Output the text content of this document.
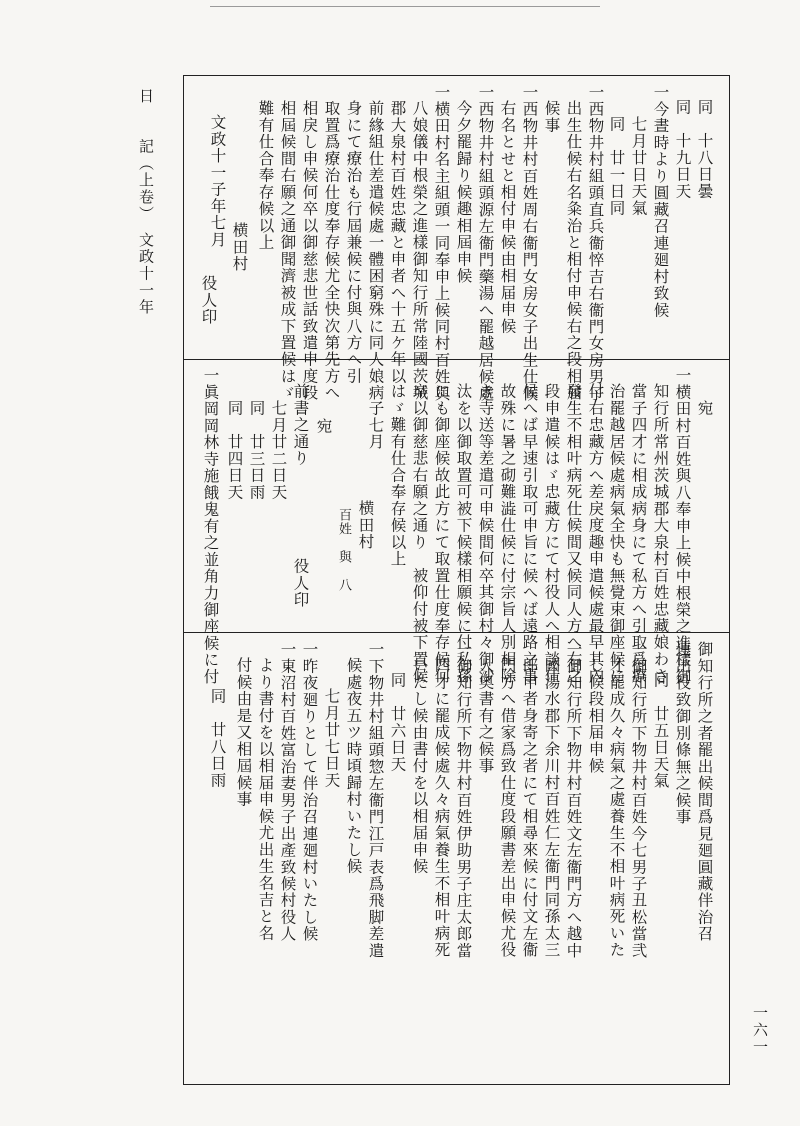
日　　記（上卷）　文政十一年
一六一
同　十八日曇
同　十九日天
一今晝時より圓藏召連廻村致候
七月廿日天氣
同　廿一日同
一西物井村組頭直兵衞悴吉右衞門女房男子
出生仕候右名粂治と相付申候右之段相届
候事
一西物井村百姓周右衞門女房女子出生仕候
右名とせと相付申候由相届申候
一西物井村組頭源左衞門藥湯へ罷越居候處
今夕罷歸り候趣相屆申候
一横田村名主組頭一同奉申上候同村百姓與
八娘儀中根榮之進樣御知行所常陸國茨城
郡大泉村百姓忠藏と申者へ十五ケ年以
前緣組仕差遣候處一體困窮殊に同人娘病
身にて療治も行屆兼候に付與八方へ引
取置爲療治仕度奉存候尤全快次第先方へ
相戾し申候何卒以御慈悲世話致遣申度段
相屆候間右願之通御聞濟被成下置候はゞ
難有仕合奉存候以上
横田村
文政十一子年七月
役人印
宛
一横田村百姓與八奉申上候中根榮之進樣御
知行所常州茨城郡大泉村百姓忠藏娘わさ
當子四才に相成病身にて私方へ引取爲療
治罷越居候處病氣全快も無覺束御座候に
付右忠藏方へ差戾度趣申遣候處最早其內
發生不相叶病死仕候間又候同人方へ右之
段申遣候はゞ忠藏方にて村役人へ相談仕
候へば早速引取可申旨に候へば遠路之事
故殊に暑之砌難澁仕候に付宗旨人別相除
き寺送等差遣可申候間何卒其御村々御沙
汰を以御取置可被下候樣相願候に付私孫
にも御座候故此方にて取置仕度奉存候何
卒以御慈悲右願之通り　被仰付被下置候
はゞ難有仕合奉存候以上
子七月
横田村
百姓　與　八
宛
前書之通り
役人印
七月廿二日天
同　廿三日雨
同　廿四日天
一眞岡岡林寺施餓鬼有之並角力御座候に付
御知行所之者罷出候間爲見廻圓藏伴治召
連出役致御別條無之候事
同　廿五日天氣
一御知行所下物井村百姓今七男子丑松當弐
才罷成久々病氣之處養生不相叶病死いた
し候段相届申候
一御知行所下物井村百姓文左衞門方へ越中
國湯水郡下余川村百姓仁左衞門同孫太三
郎申者身寄之者にて相尋來候に付文左衞
門方へ借家爲致仕度段願書差出申候尤役
人奧書有之候事
一御知行所下物井村百姓伊助男子庄太郎當
四才に罷成候處久々病氣養生不相叶病死
いたし候由書付を以相届申候
同　廿六日天
一下物井村組頭惣左衞門江戸表爲飛脚差遣
候處夜五ツ時頃歸村いたし候
七月廿七日天
一昨夜廻りとして伴治召連廻村いたし候
一東沼村百姓富治妻男子出產致候村役人
より書付を以相届申候尤出生名吉と名
付候由是又相屆候事
同　廿八日雨
